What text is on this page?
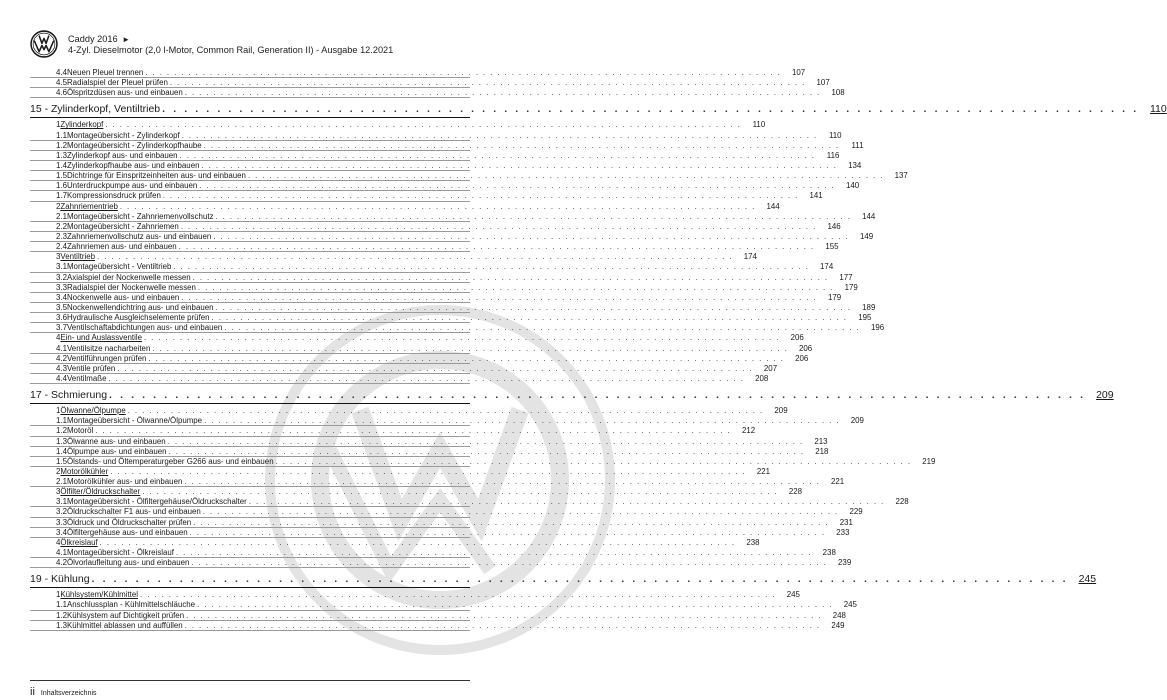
Caddy 2016 ►
4-Zyl. Dieselmotor (2,0 l-Motor, Common Rail, Generation II) - Ausgabe 12.2021
4.4 Neuen Pleuel trennen . . . . . . . . . . . . . . . . . . . . . . . . . . . . . . . . . . . . . . . . . . . . . . . . . . . . . . . . . . . . . . . . . . . . . . . . . . . . . . . . . . . . . . . . .	107
4.5 Radialspiel der Pleuel prüfen . . . . . . . . . . . . . . . . . . . . . . . . . . . . . . . . . . . . . . . . . . . . . . . . . . . . . . . . . . . . . . . . . . . . . . . . . . . . . . . . . . . . . . . . .	107
4.6 Ölspritzdüsen aus- und einbauen . . . . . . . . . . . . . . . . . . . . . . . . . . . . . . . . . . . . . . . . . . . . . . . . . . . . . . . . . . . . . . . . . . . . . . . . . . . . . . . . . . . . . . . . .	108
15 - Zylinderkopf, Ventiltrieb . . . . . . . . . . . . . . . . . . . . . . . . . . . . . . . . . . . . . . . . . . . . . . . . . . . . . . . . . . . . . . . . . . . . . . . . . . . . . . . . . . . . . . . . .	110
1 Zylinderkopf . . . . . . . . . . . . . . . . . . . . . . . . . . . . . . . . . . . . . . . . . . . . . . . . . . . . . . . . . . . . . . . . . . . . . . . . . . . . . . . . . . . . . . . . .	110
1.1 Montageübersicht - Zylinderkopf . . . . . . . . . . . . . . . . . . . . . . . . . . . . . . . . . . . . . . . . . . . . . . . . . . . . . . . . . . . . . . . . . . . . . . . . . . . . . . . . . . . . . . . . .	110
1.2 Montageübersicht - Zylinderkopfhaube . . . . . . . . . . . . . . . . . . . . . . . . . . . . . . . . . . . . . . . . . . . . . . . . . . . . . . . . . . . . . . . . . . . . . . . . . . . . . . . . . . . . . . . . .	111
1.3 Zylinderkopf aus- und einbauen . . . . . . . . . . . . . . . . . . . . . . . . . . . . . . . . . . . . . . . . . . . . . . . . . . . . . . . . . . . . . . . . . . . . . . . . . . . . . . . . . . . . . . . . .	116
1.4 Zylinderkopfhaube aus- und einbauen . . . . . . . . . . . . . . . . . . . . . . . . . . . . . . . . . . . . . . . . . . . . . . . . . . . . . . . . . . . . . . . . . . . . . . . . . . . . . . . . . . . . . . . . .	134
1.5 Dichtringe für Einspritzeinheiten aus- und einbauen . . . . . . . . . . . . . . . . . . . . . . . . . . . . . . . . . . . . . . . . . . . . . . . . . . . . . . . . . . . . . . . . . . . . . . . . . . . . . . . . . . . . . . . . .	137
1.6 Unterdruckpumpe aus- und einbauen . . . . . . . . . . . . . . . . . . . . . . . . . . . . . . . . . . . . . . . . . . . . . . . . . . . . . . . . . . . . . . . . . . . . . . . . . . . . . . . . . . . . . . . . .	140
1.7 Kompressionsdruck prüfen . . . . . . . . . . . . . . . . . . . . . . . . . . . . . . . . . . . . . . . . . . . . . . . . . . . . . . . . . . . . . . . . . . . . . . . . . . . . . . . . . . . . . . . . .	141
2 Zahnriementrieb . . . . . . . . . . . . . . . . . . . . . . . . . . . . . . . . . . . . . . . . . . . . . . . . . . . . . . . . . . . . . . . . . . . . . . . . . . . . . . . . . . . . . . . . .	144
2.1 Montageübersicht - Zahnriemenvollschutz . . . . . . . . . . . . . . . . . . . . . . . . . . . . . . . . . . . . . . . . . . . . . . . . . . . . . . . . . . . . . . . . . . . . . . . . . . . . . . . . . . . . . . . . .	144
2.2 Montageübersicht - Zahnriemen . . . . . . . . . . . . . . . . . . . . . . . . . . . . . . . . . . . . . . . . . . . . . . . . . . . . . . . . . . . . . . . . . . . . . . . . . . . . . . . . . . . . . . . . .	146
2.3 Zahnriemenvollschutz aus- und einbauen . . . . . . . . . . . . . . . . . . . . . . . . . . . . . . . . . . . . . . . . . . . . . . . . . . . . . . . . . . . . . . . . . . . . . . . . . . . . . . . . . . . . . . . . .	149
2.4 Zahnriemen aus- und einbauen . . . . . . . . . . . . . . . . . . . . . . . . . . . . . . . . . . . . . . . . . . . . . . . . . . . . . . . . . . . . . . . . . . . . . . . . . . . . . . . . . . . . . . . . .	155
3 Ventiltrieb . . . . . . . . . . . . . . . . . . . . . . . . . . . . . . . . . . . . . . . . . . . . . . . . . . . . . . . . . . . . . . . . . . . . . . . . . . . . . . . . . . . . . . . . .	174
3.1 Montageübersicht - Ventiltrieb . . . . . . . . . . . . . . . . . . . . . . . . . . . . . . . . . . . . . . . . . . . . . . . . . . . . . . . . . . . . . . . . . . . . . . . . . . . . . . . . . . . . . . . . .	174
3.2 Axialspiel der Nockenwelle messen . . . . . . . . . . . . . . . . . . . . . . . . . . . . . . . . . . . . . . . . . . . . . . . . . . . . . . . . . . . . . . . . . . . . . . . . . . . . . . . . . . . . . . . . .	177
3.3 Radialspiel der Nockenwelle messen . . . . . . . . . . . . . . . . . . . . . . . . . . . . . . . . . . . . . . . . . . . . . . . . . . . . . . . . . . . . . . . . . . . . . . . . . . . . . . . . . . . . . . . . .	179
3.4 Nockenwelle aus- und einbauen . . . . . . . . . . . . . . . . . . . . . . . . . . . . . . . . . . . . . . . . . . . . . . . . . . . . . . . . . . . . . . . . . . . . . . . . . . . . . . . . . . . . . . . . .	179
3.5 Nockenwellendichtring aus- und einbauen . . . . . . . . . . . . . . . . . . . . . . . . . . . . . . . . . . . . . . . . . . . . . . . . . . . . . . . . . . . . . . . . . . . . . . . . . . . . . . . . . . . . . . . . .	189
3.6 Hydraulische Ausgleichselemente prüfen . . . . . . . . . . . . . . . . . . . . . . . . . . . . . . . . . . . . . . . . . . . . . . . . . . . . . . . . . . . . . . . . . . . . . . . . . . . . . . . . . . . . . . . . .	195
3.7 Ventilschaftabdichtungen aus- und einbauen . . . . . . . . . . . . . . . . . . . . . . . . . . . . . . . . . . . . . . . . . . . . . . . . . . . . . . . . . . . . . . . . . . . . . . . . . . . . . . . . . . . . . . . . .	196
4 Ein- und Auslassventile . . . . . . . . . . . . . . . . . . . . . . . . . . . . . . . . . . . . . . . . . . . . . . . . . . . . . . . . . . . . . . . . . . . . . . . . . . . . . . . . . . . . . . . . .	206
4.1 Ventilsitze nacharbeiten . . . . . . . . . . . . . . . . . . . . . . . . . . . . . . . . . . . . . . . . . . . . . . . . . . . . . . . . . . . . . . . . . . . . . . . . . . . . . . . . . . . . . . . . .	206
4.2 Ventilführungen prüfen . . . . . . . . . . . . . . . . . . . . . . . . . . . . . . . . . . . . . . . . . . . . . . . . . . . . . . . . . . . . . . . . . . . . . . . . . . . . . . . . . . . . . . . . .	206
4.3 Ventile prüfen . . . . . . . . . . . . . . . . . . . . . . . . . . . . . . . . . . . . . . . . . . . . . . . . . . . . . . . . . . . . . . . . . . . . . . . . . . . . . . . . . . . . . . . . .	207
4.4 Ventilmaße . . . . . . . . . . . . . . . . . . . . . . . . . . . . . . . . . . . . . . . . . . . . . . . . . . . . . . . . . . . . . . . . . . . . . . . . . . . . . . . . . . . . . . . . .	208
17 - Schmierung . . . . . . . . . . . . . . . . . . . . . . . . . . . . . . . . . . . . . . . . . . . . . . . . . . . . . . . . . . . . . . . . . . . . . . . . . . . . . . . . . . . . . . . . . 209
1 Ölwanne/Ölpumpe . . . . . . . . . . . . . . . . . . . . . . . . . . . . . . . . . . . . . . . . . . . . . . . . . . . . . . . . . . . . . . . . . . . . . . . . . . . . . . . . . . . . . . . . .	209
1.1 Montageübersicht - Ölwanne/Ölpumpe . . . . . . . . . . . . . . . . . . . . . . . . . . . . . . . . . . . . . . . . . . . . . . . . . . . . . . . . . . . . . . . . . . . . . . . . . . . . . . . . . . . . . . . . .	209
1.2 Motoröl . . . . . . . . . . . . . . . . . . . . . . . . . . . . . . . . . . . . . . . . . . . . . . . . . . . . . . . . . . . . . . . . . . . . . . . . . . . . . . . . . . . . . . . . .	212
1.3 Ölwanne aus- und einbauen . . . . . . . . . . . . . . . . . . . . . . . . . . . . . . . . . . . . . . . . . . . . . . . . . . . . . . . . . . . . . . . . . . . . . . . . . . . . . . . . . . . . . . . . .	213
1.4 Ölpumpe aus- und einbauen . . . . . . . . . . . . . . . . . . . . . . . . . . . . . . . . . . . . . . . . . . . . . . . . . . . . . . . . . . . . . . . . . . . . . . . . . . . . . . . . . . . . . . . . .	218
1.5 Ölstands- und Öltemperaturgeber G266 aus- und einbauen . . . . . . . . . . . . . . . . . . . . . . . . . . . . . . . . . . . . . . . . . . . . . . . . . . . . . . . . . . . . . . . . . . . . . . . . . . . . . . . . . . . . . . . . .	219
2 Motorölkühler . . . . . . . . . . . . . . . . . . . . . . . . . . . . . . . . . . . . . . . . . . . . . . . . . . . . . . . . . . . . . . . . . . . . . . . . . . . . . . . . . . . . . . . . .	221
2.1 Motorölkühler aus- und einbauen . . . . . . . . . . . . . . . . . . . . . . . . . . . . . . . . . . . . . . . . . . . . . . . . . . . . . . . . . . . . . . . . . . . . . . . . . . . . . . . . . . . . . . . . .	221
3 Ölfilter/Öldruckschalter . . . . . . . . . . . . . . . . . . . . . . . . . . . . . . . . . . . . . . . . . . . . . . . . . . . . . . . . . . . . . . . . . . . . . . . . . . . . . . . . . . . . . . . . .	228
3.1 Montageübersicht - Ölfiltergehäuse/Öldruckschalter . . . . . . . . . . . . . . . . . . . . . . . . . . . . . . . . . . . . . . . . . . . . . . . . . . . . . . . . . . . . . . . . . . . . . . . . . . . . . . . . . . . . . . . . .	228
3.2 Öldruckschalter F1 aus- und einbauen . . . . . . . . . . . . . . . . . . . . . . . . . . . . . . . . . . . . . . . . . . . . . . . . . . . . . . . . . . . . . . . . . . . . . . . . . . . . . . . . . . . . . . . . .	229
3.3 Öldruck und Öldruckschalter prüfen . . . . . . . . . . . . . . . . . . . . . . . . . . . . . . . . . . . . . . . . . . . . . . . . . . . . . . . . . . . . . . . . . . . . . . . . . . . . . . . . . . . . . . . . .	231
3.4 Ölfiltergehäuse aus- und einbauen . . . . . . . . . . . . . . . . . . . . . . . . . . . . . . . . . . . . . . . . . . . . . . . . . . . . . . . . . . . . . . . . . . . . . . . . . . . . . . . . . . . . . . . . .	233
4 Ölkreislauf . . . . . . . . . . . . . . . . . . . . . . . . . . . . . . . . . . . . . . . . . . . . . . . . . . . . . . . . . . . . . . . . . . . . . . . . . . . . . . . . . . . . . . . . .	238
4.1 Montageübersicht - Ölkreislauf . . . . . . . . . . . . . . . . . . . . . . . . . . . . . . . . . . . . . . . . . . . . . . . . . . . . . . . . . . . . . . . . . . . . . . . . . . . . . . . . . . . . . . . . .	238
4.2 Ölvorlaufleitung aus- und einbauen . . . . . . . . . . . . . . . . . . . . . . . . . . . . . . . . . . . . . . . . . . . . . . . . . . . . . . . . . . . . . . . . . . . . . . . . . . . . . . . . . . . . . . . . .	239
19 - Kühlung . . . . . . . . . . . . . . . . . . . . . . . . . . . . . . . . . . . . . . . . . . . . . . . . . . . . . . . . . . . . . . . . . . . . . . . . . . . . . . . . . . . . . . . . . 245
1 Kühlsystem/Kühlmittel . . . . . . . . . . . . . . . . . . . . . . . . . . . . . . . . . . . . . . . . . . . . . . . . . . . . . . . . . . . . . . . . . . . . . . . . . . . . . . . . . . . . . . . . .	245
1.1 Anschlussplan - Kühlmittelschläuche . . . . . . . . . . . . . . . . . . . . . . . . . . . . . . . . . . . . . . . . . . . . . . . . . . . . . . . . . . . . . . . . . . . . . . . . . . . . . . . . . . . . . . . . .	245
1.2 Kühlsystem auf Dichtigkeit prüfen . . . . . . . . . . . . . . . . . . . . . . . . . . . . . . . . . . . . . . . . . . . . . . . . . . . . . . . . . . . . . . . . . . . . . . . . . . . . . . . . . . . . . . . . .	248
1.3 Kühlmittel ablassen und auffüllen . . . . . . . . . . . . . . . . . . . . . . . . . . . . . . . . . . . . . . . . . . . . . . . . . . . . . . . . . . . . . . . . . . . . . . . . . . . . . . . . . . . . . . . . .	249
ii Inhaltsverzeichnis
